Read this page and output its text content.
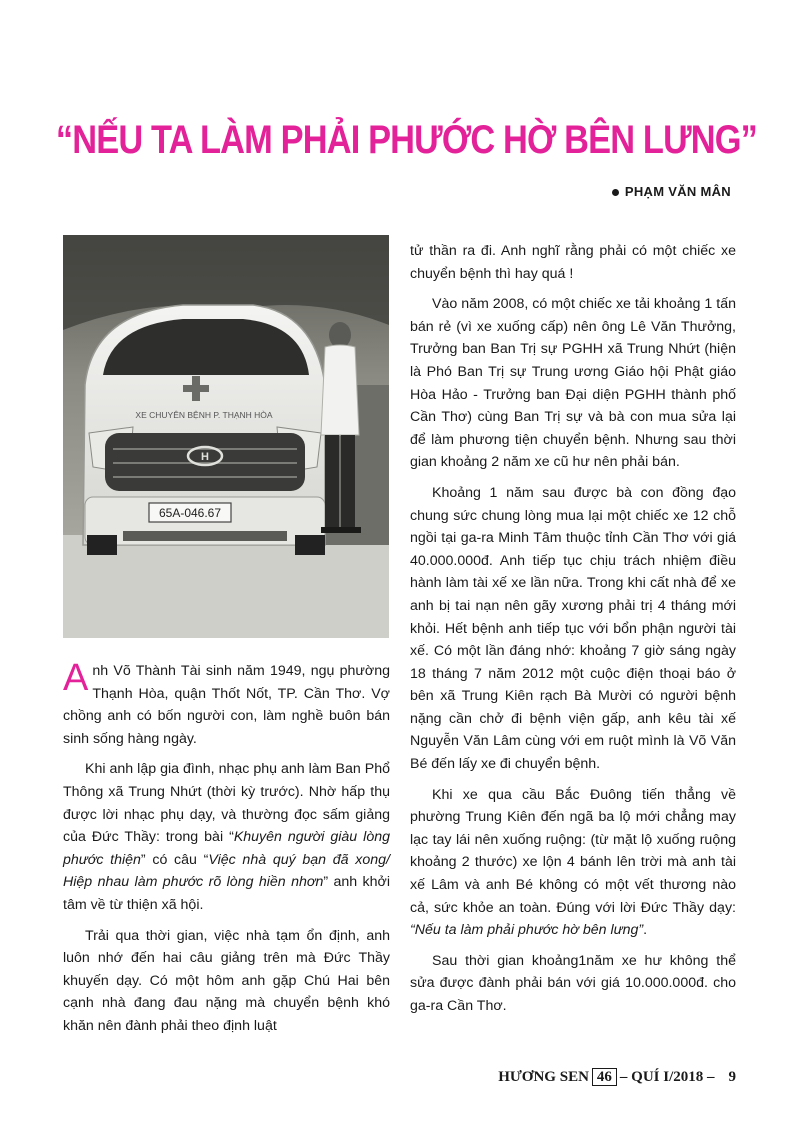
“NẾU TA LÀM PHẢI PHƯỚC HỜ BÊN LƯNG”
PHẠM VĂN MÂN
XE CHUYÊN BỆNH P. THẠNH HÒA
H
65A-046.67

Anh Võ Thành Tài sinh năm 1949, ngụ phường Thạnh Hòa, quận Thốt Nốt, TP. Cần Thơ. Vợ chồng anh có bốn người con, làm nghề buôn bán sinh sống hàng ngày.

Khi anh lập gia đình, nhạc phụ anh làm Ban Phổ Thông xã Trung Nhứt (thời kỳ trước). Nhờ hấp thụ được lời nhạc phụ dạy, và thường đọc sấm giảng của Đức Thầy: trong bài “Khuyên người giàu lòng phước thiện” có câu “Việc nhà quý bạn đã xong/ Hiệp nhau làm phước rõ lòng hiền nhơn” anh khởi tâm về từ thiện xã hội.

Trải qua thời gian, việc nhà tạm ổn định, anh luôn nhớ đến hai câu giảng trên mà Đức Thầy khuyến dạy. Có một hôm anh gặp Chú Hai bên cạnh nhà đang đau nặng mà chuyển bệnh khó khăn nên đành phải theo định luật

tử thần ra đi. Anh nghĩ rằng phải có một chiếc xe chuyển bệnh thì hay quá !

Vào năm 2008, có một chiếc xe tải khoảng 1 tấn bán rẻ (vì xe xuống cấp) nên ông Lê Văn Thưởng, Trưởng ban Ban Trị sự PGHH xã Trung Nhứt (hiện là Phó Ban Trị sự Trung ương Giáo hội Phật giáo Hòa Hảo - Trưởng ban Đại diện PGHH thành phố Cần Thơ) cùng Ban Trị sự và bà con mua sửa lại để làm phương tiện chuyển bệnh. Nhưng sau thời gian khoảng 2 năm xe cũ hư nên phải bán.

Khoảng 1 năm sau được bà con đồng đạo chung sức chung lòng mua lại một chiếc xe 12 chỗ ngồi tại ga-ra Minh Tâm thuộc tỉnh Cần Thơ với giá 40.000.000đ. Anh tiếp tục chịu trách nhiệm điều hành làm tài xế xe lần nữa. Trong khi cất nhà để xe anh bị tai nạn nên gãy xương phải trị 4 tháng mới khỏi. Hết bệnh anh tiếp tục với bổn phận người tài xế. Có một lần đáng nhớ: khoảng 7 giờ sáng ngày 18 tháng 7 năm 2012 một cuộc điện thoại báo ở bên xã Trung Kiên rạch Bà Mười có người bệnh nặng cần chở đi bệnh viện gấp, anh kêu tài xế Nguyễn Văn Lâm cùng với em ruột mình là Võ Văn Bé đến lấy xe đi chuyển bệnh.

Khi xe qua cầu Bắc Đuông tiến thẳng về phường Trung Kiên đến ngã ba lộ mới chẳng may lạc tay lái nên xuống ruộng: (từ mặt lộ xuống ruộng khoảng 2 thước) xe lộn 4 bánh lên trời mà anh tài xế Lâm và anh Bé không có một vết thương nào cả, sức khỏe an toàn. Đúng với lời Đức Thầy dạy: “Nếu ta làm phải phước hờ bên lưng”.

Sau thời gian khoảng1năm xe hư không thể sửa được đành phải bán với giá 10.000.000đ. cho ga-ra Cần Thơ.

HƯƠNG SEN 46 – QUÍ I/2018 – 9
